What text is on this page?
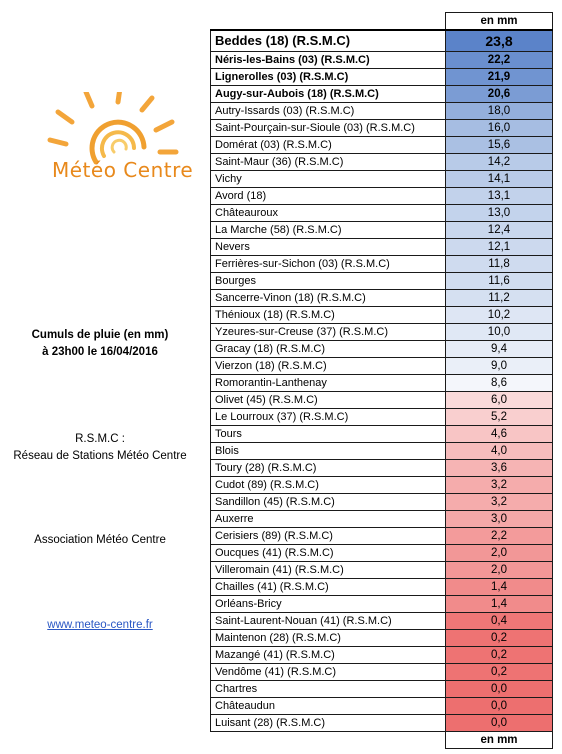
Météo Centre
Cumuls de pluie (en mm)
à 23h00 le 16/04/2016
R.S.M.C :
Réseau de Stations Météo Centre
Association Météo Centre
www.meteo-centre.fr
	en mm
Beddes (18) (R.S.M.C)	23,8
Néris-les-Bains (03) (R.S.M.C)	22,2
Lignerolles (03) (R.S.M.C)	21,9
Augy-sur-Aubois (18) (R.S.M.C)	20,6
Autry-Issards (03) (R.S.M.C)	18,0
Saint-Pourçain-sur-Sioule (03) (R.S.M.C)	16,0
Domérat (03) (R.S.M.C)	15,6
Saint-Maur (36) (R.S.M.C)	14,2
Vichy	14,1
Avord (18)	13,1
Châteauroux	13,0
La Marche (58) (R.S.M.C)	12,4
Nevers	12,1
Ferrières-sur-Sichon (03) (R.S.M.C)	11,8
Bourges	11,6
Sancerre-Vinon (18) (R.S.M.C)	11,2
Thénioux (18) (R.S.M.C)	10,2
Yzeures-sur-Creuse (37) (R.S.M.C)	10,0
Gracay (18) (R.S.M.C)	9,4
Vierzon (18) (R.S.M.C)	9,0
Romorantin-Lanthenay	8,6
Olivet (45) (R.S.M.C)	6,0
Le Lourroux (37) (R.S.M.C)	5,2
Tours	4,6
Blois	4,0
Toury (28) (R.S.M.C)	3,6
Cudot (89) (R.S.M.C)	3,2
Sandillon (45) (R.S.M.C)	3,2
Auxerre	3,0
Cerisiers (89) (R.S.M.C)	2,2
Oucques (41) (R.S.M.C)	2,0
Villeromain (41) (R.S.M.C)	2,0
Chailles (41) (R.S.M.C)	1,4
Orléans-Bricy	1,4
Saint-Laurent-Nouan (41) (R.S.M.C)	0,4
Maintenon (28) (R.S.M.C)	0,2
Mazangé (41) (R.S.M.C)	0,2
Vendôme (41) (R.S.M.C)	0,2
Chartres	0,0
Châteaudun	0,0
Luisant (28) (R.S.M.C)	0,0
	en mm
